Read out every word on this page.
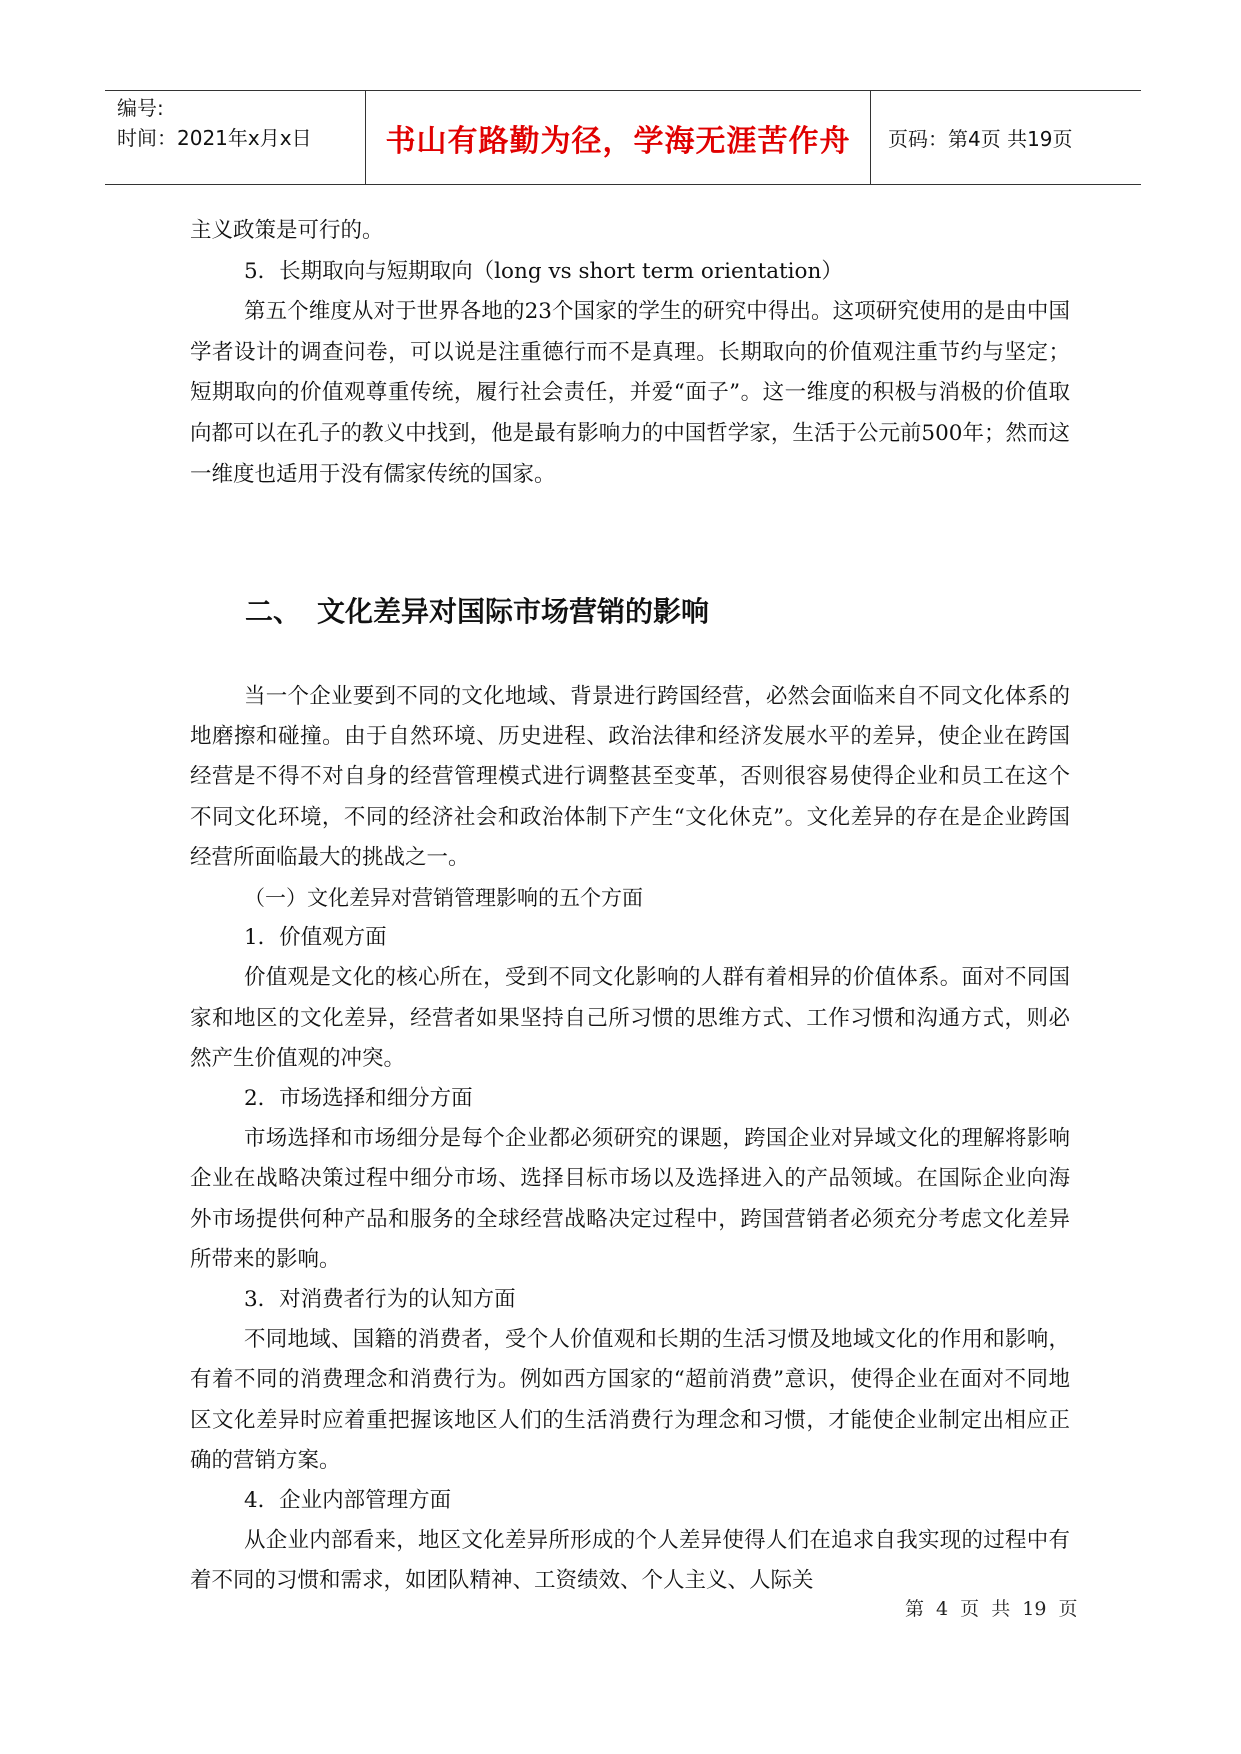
编号:
时间：2021年x月x日	书山有路勤为径，学海无涯苦作舟	页码：第4页 共19页

主义政策是可行的。

5．长期取向与短期取向（long vs short term orientation）

第五个维度从对于世界各地的23个国家的学生的研究中得出。这项研究使用的是由中国学者设计的调查问卷，可以说是注重德行而不是真理。长期取向的价值观注重节约与坚定；短期取向的价值观尊重传统，履行社会责任，并爱“面子”。这一维度的积极与消极的价值取向都可以在孔子的教义中找到，他是最有影响力的中国哲学家，生活于公元前500年；然而这一维度也适用于没有儒家传统的国家。

二、 文化差异对国际市场营销的影响

当一个企业要到不同的文化地域、背景进行跨国经营，必然会面临来自不同文化体系的地磨擦和碰撞。由于自然环境、历史进程、政治法律和经济发展水平的差异，使企业在跨国经营是不得不对自身的经营管理模式进行调整甚至变革，否则很容易使得企业和员工在这个不同文化环境，不同的经济社会和政治体制下产生“文化休克”。文化差异的存在是企业跨国经营所面临最大的挑战之一。

（一）文化差异对营销管理影响的五个方面

1．价值观方面

价值观是文化的核心所在，受到不同文化影响的人群有着相异的价值体系。面对不同国家和地区的文化差异，经营者如果坚持自己所习惯的思维方式、工作习惯和沟通方式，则必然产生价值观的冲突。

2．市场选择和细分方面

市场选择和市场细分是每个企业都必须研究的课题，跨国企业对异域文化的理解将影响企业在战略决策过程中细分市场、选择目标市场以及选择进入的产品领域。在国际企业向海外市场提供何种产品和服务的全球经营战略决定过程中，跨国营销者必须充分考虑文化差异所带来的影响。

3．对消费者行为的认知方面

不同地域、国籍的消费者，受个人价值观和长期的生活习惯及地域文化的作用和影响，有着不同的消费理念和消费行为。例如西方国家的“超前消费”意识，使得企业在面对不同地区文化差异时应着重把握该地区人们的生活消费行为理念和习惯，才能使企业制定出相应正确的营销方案。

4．企业内部管理方面

从企业内部看来，地区文化差异所形成的个人差异使得人们在追求自我实现的过程中有着不同的习惯和需求，如团队精神、工资绩效、个人主义、人际关

第 4 页 共 19 页
